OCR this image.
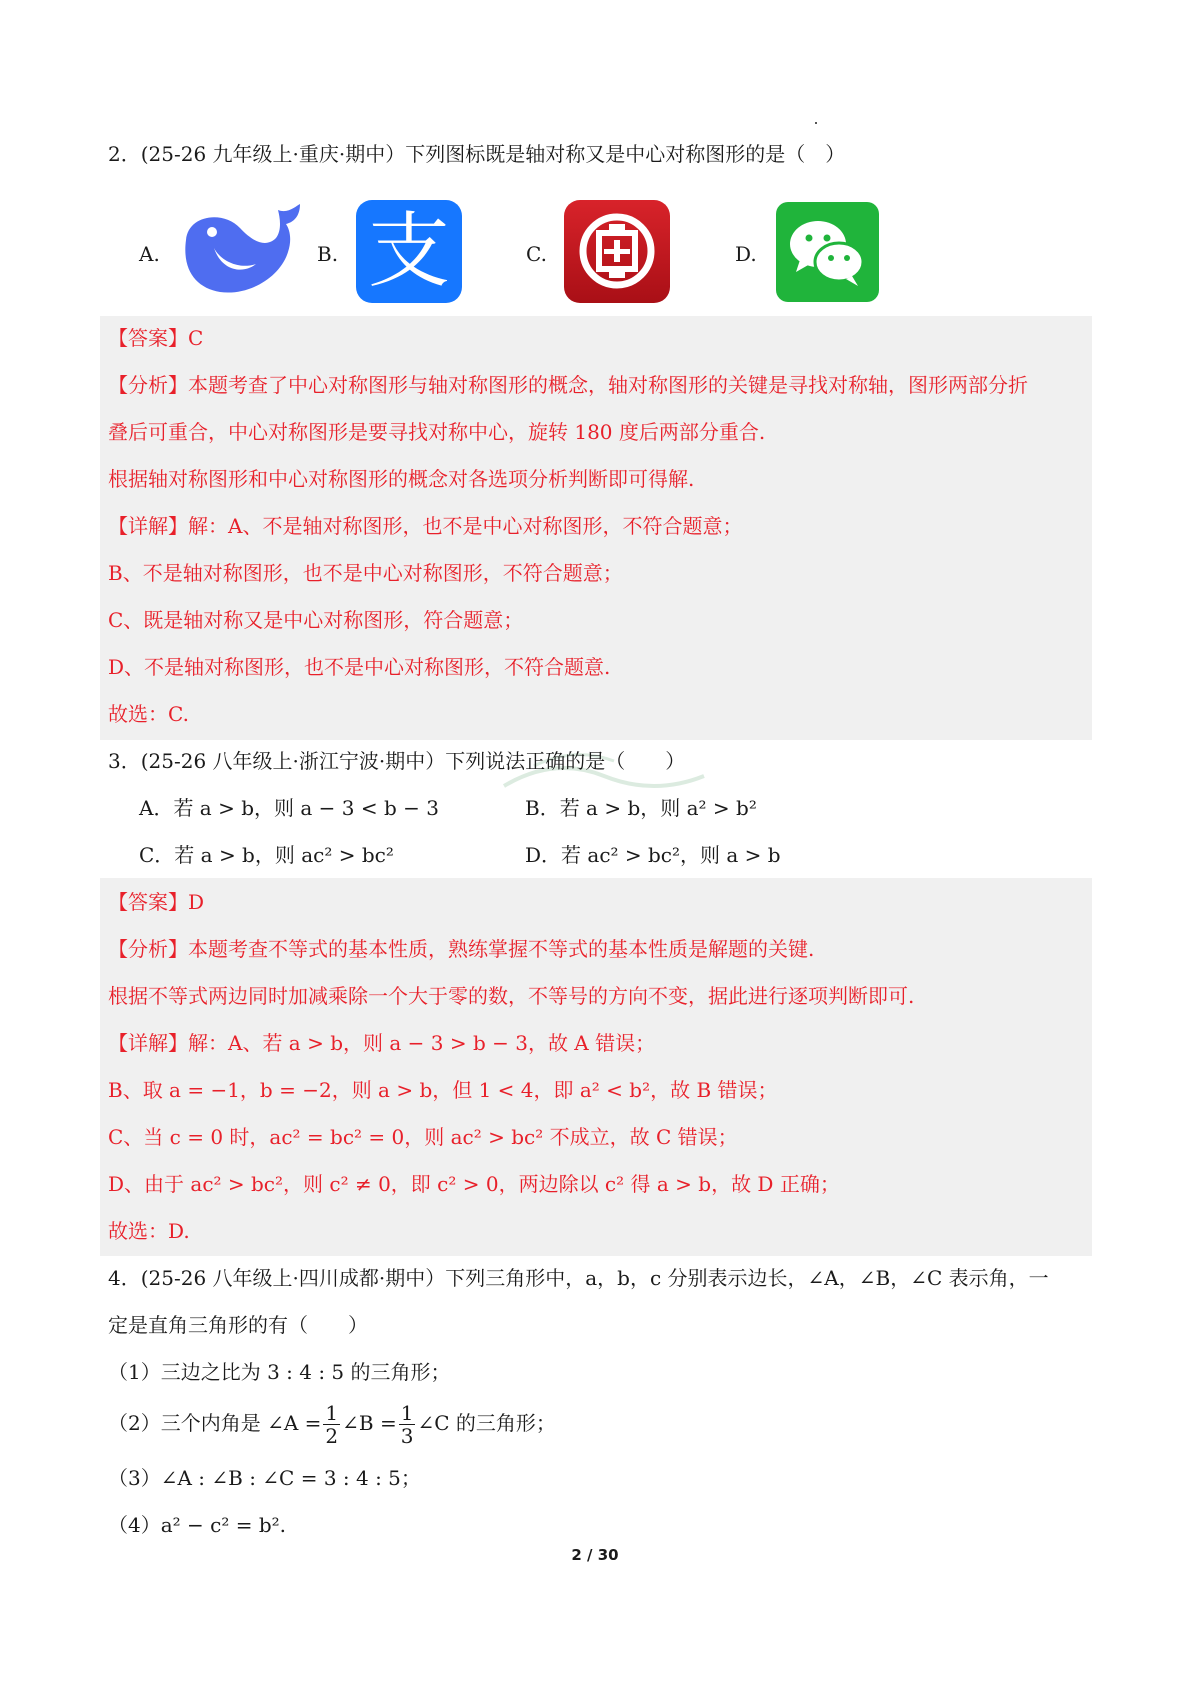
2．(25-26 九年级上·重庆·期中）下列图标既是轴对称又是中心对称图形的是（　）
A.	B. 支	C.	D.
【答案】C
【分析】本题考查了中心对称图形与轴对称图形的概念，轴对称图形的关键是寻找对称轴，图形两部分折
叠后可重合，中心对称图形是要寻找对称中心，旋转 180 度后两部分重合.
根据轴对称图形和中心对称图形的概念对各选项分析判断即可得解.
【详解】解：A、不是轴对称图形，也不是中心对称图形，不符合题意；
B、不是轴对称图形，也不是中心对称图形，不符合题意；
C、既是轴对称又是中心对称图形，符合题意；
D、不是轴对称图形，也不是中心对称图形，不符合题意.
故选：C.
3．(25-26 八年级上·浙江宁波·期中）下列说法正确的是（　　）
A．若 a > b，则 a − 3 < b − 3	B．若 a > b，则 a² > b²
C．若 a > b，则 ac² > bc²	D．若 ac² > bc²，则 a > b
【答案】D
【分析】本题考查不等式的基本性质，熟练掌握不等式的基本性质是解题的关键.
根据不等式两边同时加减乘除一个大于零的数，不等号的方向不变，据此进行逐项判断即可.
【详解】解：A、若 a > b，则 a − 3 > b − 3，故 A 错误；
B、取 a = −1，b = −2，则 a > b，但 1 < 4，即 a² < b²，故 B 错误；
C、当 c = 0 时，ac² = bc² = 0，则 ac² > bc² 不成立，故 C 错误；
D、由于 ac² > bc²，则 c² ≠ 0，即 c² > 0，两边除以 c² 得 a > b，故 D 正确；
故选：D.
4．(25-26 八年级上·四川成都·期中）下列三角形中，a，b，c 分别表示边长，∠A，∠B，∠C 表示角，一
定是直角三角形的有（　　）
（1）三边之比为 3 : 4 : 5 的三角形；
（2）三个内角是 ∠A = $\frac{1}{2}$ ∠B = $\frac{1}{3}$ ∠C 的三角形；
（3）∠A : ∠B : ∠C = 3 : 4 : 5；
（4）a² − c² = b².
2 / 30
